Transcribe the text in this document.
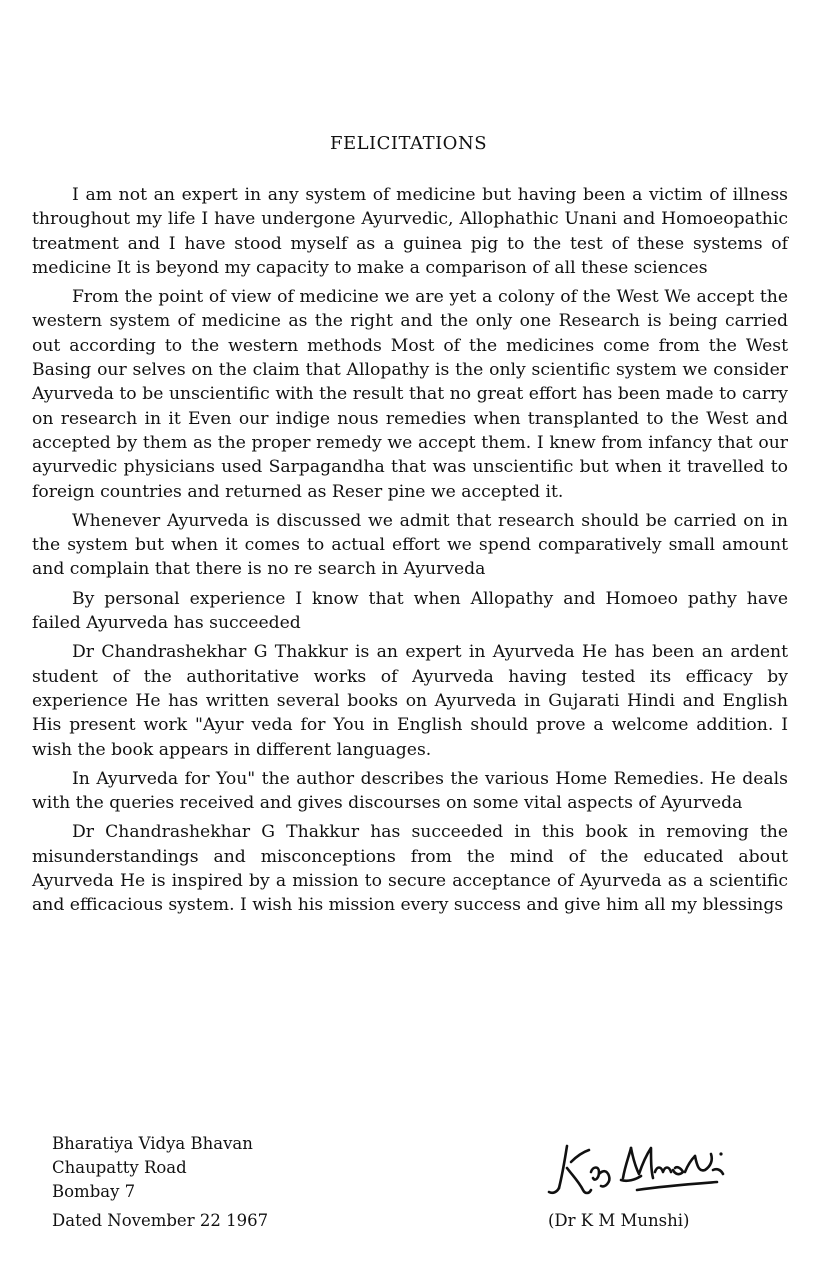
FELICITATIONS

I am not an expert in any system of medicine but having been a victim of illness throughout my life I have undergone Ayurvedic, Allophathic Unani and Homoeopathic treatment and I have stood myself as a guinea pig to the test of these systems of medicine It is beyond my capacity to make a comparison of all these sciences

From the point of view of medicine we are yet a colony of the West We accept the western system of medicine as the right and the only one Research is being carried out according to the western methods Most of the medicines come from the West Basing our selves on the claim that Allopathy is the only scientific system we consider Ayurveda to be unscientific with the result that no great effort has been made to carry on research in it Even our indige nous remedies when transplanted to the West and accepted by them as the proper remedy we accept them. I knew from infancy that our ayurvedic physicians used Sarpagandha that was unscientific but when it travelled to foreign countries and returned as Reser pine we accepted it.

Whenever Ayurveda is discussed we admit that research should be carried on in the system but when it comes to actual effort we spend comparatively small amount and complain that there is no re search in Ayurveda

By personal experience I know that when Allopathy and Homoeo pathy have failed Ayurveda has succeeded

Dr Chandrashekhar G Thakkur is an expert in Ayurveda He has been an ardent student of the authoritative works of Ayurveda having tested its efficacy by experience He has written several books on Ayurveda in Gujarati Hindi and English His present work "Ayur veda for You in English should prove a welcome addition. I wish the book appears in different languages.

In Ayurveda for You" the author describes the various Home Remedies. He deals with the queries received and gives discourses on some vital aspects of Ayurveda

Dr Chandrashekhar G Thakkur has succeeded in this book in removing the misunderstandings and misconceptions from the mind of the educated about Ayurveda He is inspired by a mission to secure acceptance of Ayurveda as a scientific and efficacious system. I wish his mission every success and give him all my blessings

Bharatiya Vidya Bhavan
Chaupatty Road
Bombay 7
Dated November 22 1967	(Dr K M Munshi)
